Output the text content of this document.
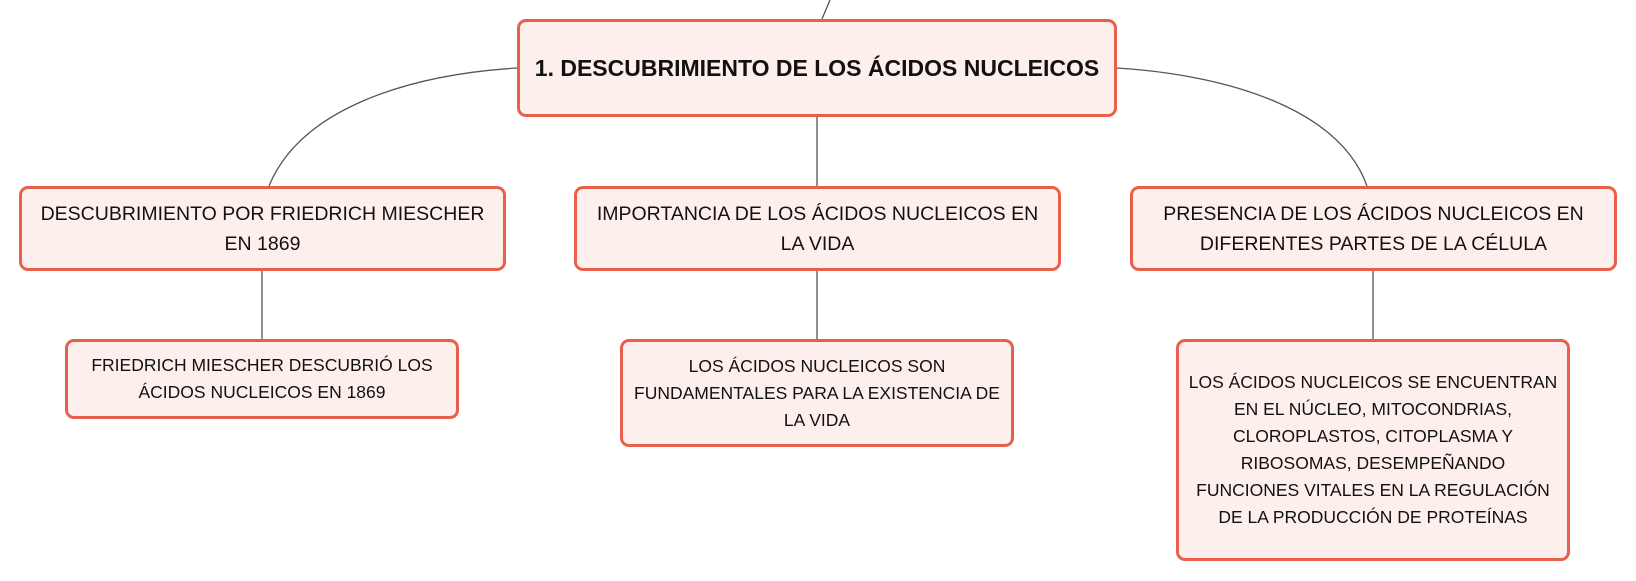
1. DESCUBRIMIENTO DE LOS ÁCIDOS NUCLEICOS
DESCUBRIMIENTO POR FRIEDRICH MIESCHER EN 1869
IMPORTANCIA DE LOS ÁCIDOS NUCLEICOS EN LA VIDA
PRESENCIA DE LOS ÁCIDOS NUCLEICOS EN DIFERENTES PARTES DE LA CÉLULA
FRIEDRICH MIESCHER DESCUBRIÓ LOS ÁCIDOS NUCLEICOS EN 1869
LOS ÁCIDOS NUCLEICOS SON FUNDAMENTALES PARA LA EXISTENCIA DE LA VIDA
LOS ÁCIDOS NUCLEICOS SE ENCUENTRAN EN EL NÚCLEO, MITOCONDRIAS, CLOROPLASTOS, CITOPLASMA Y RIBOSOMAS, DESEMPEÑANDO FUNCIONES VITALES EN LA REGULACIÓN DE LA PRODUCCIÓN DE PROTEÍNAS
